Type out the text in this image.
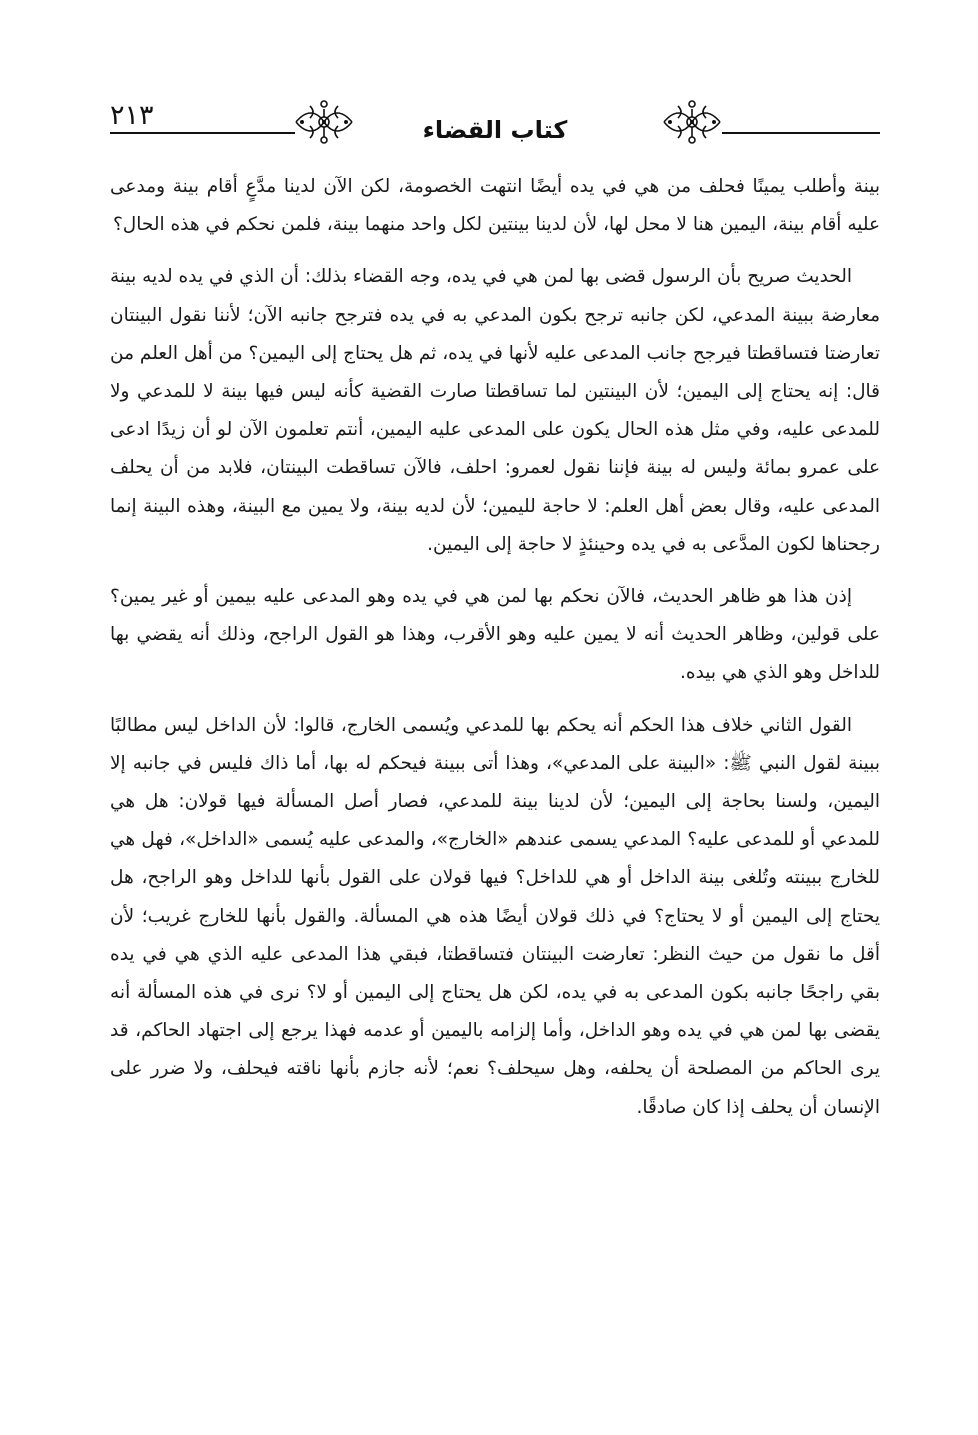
٢١٣	كتاب القضاء

بينة وأطلب يمينًا فحلف من هي في يده أيضًا انتهت الخصومة، لكن الآن لدينا مدَّعٍ أقام بينة ومدعى عليه أقام بينة، اليمين هنا لا محل لها، لأن لدينا بينتين لكل واحد منهما بينة، فلمن نحكم في هذه الحال؟

الحديث صريح بأن الرسول قضى بها لمن هي في يده، وجه القضاء بذلك: أن الذي في يده لديه بينة معارضة ببينة المدعي، لكن جانبه ترجح بكون المدعي به في يده فترجح جانبه الآن؛ لأننا نقول البينتان تعارضتا فتساقطتا فيرجح جانب المدعى عليه لأنها في يده، ثم هل يحتاج إلى اليمين؟ من أهل العلم من قال: إنه يحتاج إلى اليمين؛ لأن البينتين لما تساقطتا صارت القضية كأنه ليس فيها بينة لا للمدعي ولا للمدعى عليه، وفي مثل هذه الحال يكون على المدعى عليه اليمين، أنتم تعلمون الآن لو أن زيدًا ادعى على عمرو بمائة وليس له بينة فإننا نقول لعمرو: احلف، فالآن تساقطت البينتان، فلابد من أن يحلف المدعى عليه، وقال بعض أهل العلم: لا حاجة لليمين؛ لأن لديه بينة، ولا يمين مع البينة، وهذه البينة إنما رجحناها لكون المدَّعى به في يده وحينئذٍ لا حاجة إلى اليمين.

إذن هذا هو ظاهر الحديث، فالآن نحكم بها لمن هي في يده وهو المدعى عليه بيمين أو غير يمين؟ على قولين، وظاهر الحديث أنه لا يمين عليه وهو الأقرب، وهذا هو القول الراجح، وذلك أنه يقضي بها للداخل وهو الذي هي بيده.

القول الثاني خلاف هذا الحكم أنه يحكم بها للمدعي ويُسمى الخارج، قالوا: لأن الداخل ليس مطالبًا ببينة لقول النبي ﷺ: «البينة على المدعي»، وهذا أتى ببينة فيحكم له بها، أما ذاك فليس في جانبه إلا اليمين، ولسنا بحاجة إلى اليمين؛ لأن لدينا بينة للمدعي، فصار أصل المسألة فيها قولان: هل هي للمدعي أو للمدعى عليه؟ المدعي يسمى عندهم «الخارج»، والمدعى عليه يُسمى «الداخل»، فهل هي للخارج ببينته وتُلغى بينة الداخل أو هي للداخل؟ فيها قولان على القول بأنها للداخل وهو الراجح، هل يحتاج إلى اليمين أو لا يحتاج؟ في ذلك قولان أيضًا هذه هي المسألة. والقول بأنها للخارج غريب؛ لأن أقل ما نقول من حيث النظر: تعارضت البينتان فتساقطتا، فبقي هذا المدعى عليه الذي هي في يده بقي راجحًا جانبه بكون المدعى به في يده، لكن هل يحتاج إلى اليمين أو لا؟ نرى في هذه المسألة أنه يقضى بها لمن هي في يده وهو الداخل، وأما إلزامه باليمين أو عدمه فهذا يرجع إلى اجتهاد الحاكم، قد يرى الحاكم من المصلحة أن يحلفه، وهل سيحلف؟ نعم؛ لأنه جازم بأنها ناقته فيحلف، ولا ضرر على الإنسان أن يحلف إذا كان صادقًا.
